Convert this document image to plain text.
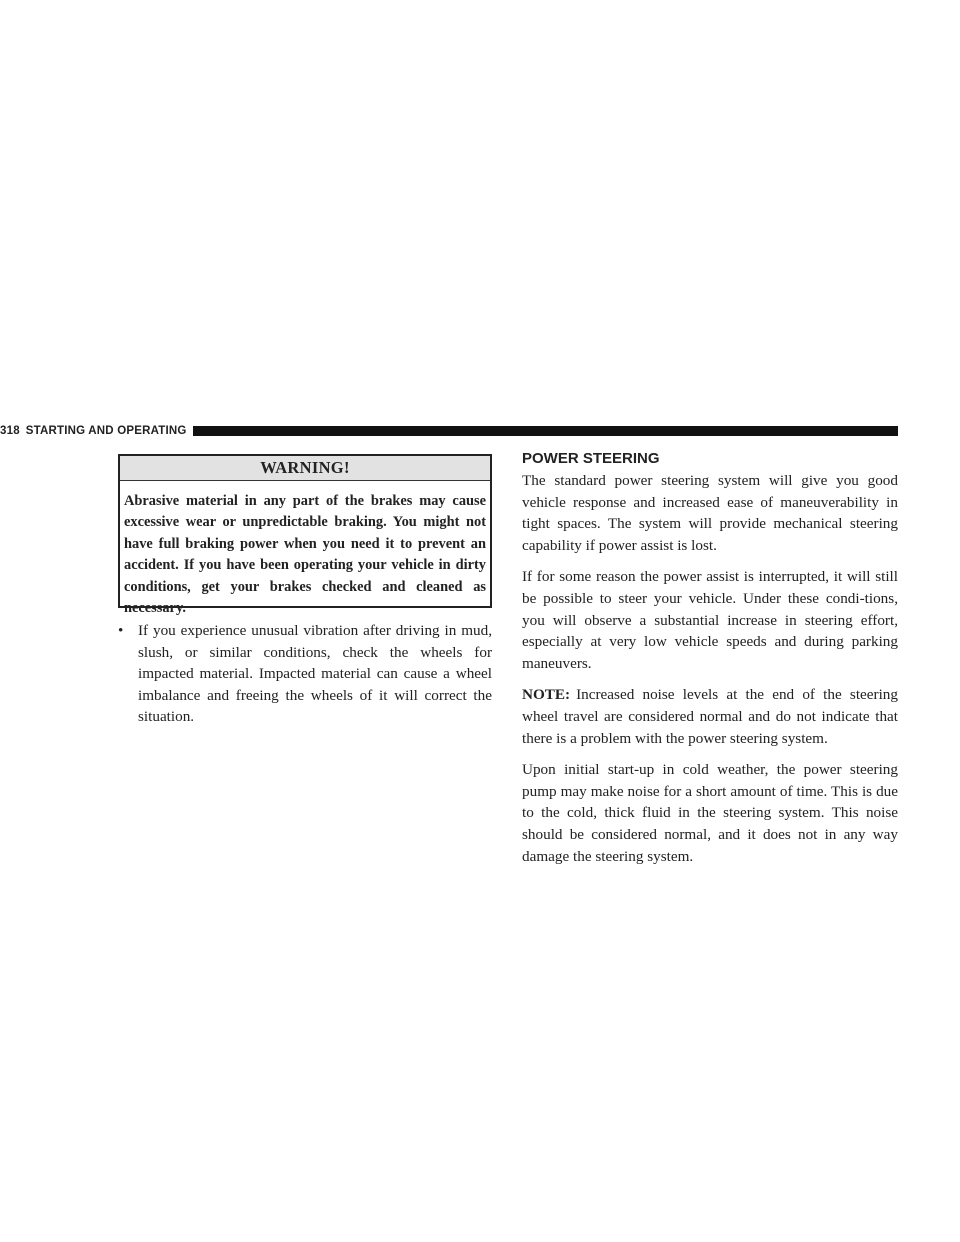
318 STARTING AND OPERATING
WARNING!
Abrasive material in any part of the brakes may cause excessive wear or unpredictable braking. You might not have full braking power when you need it to prevent an accident. If you have been operating your vehicle in dirty conditions, get your brakes checked and cleaned as necessary.
• If you experience unusual vibration after driving in mud, slush, or similar conditions, check the wheels for impacted material. Impacted material can cause a wheel imbalance and freeing the wheels of it will correct the situation.
POWER STEERING

The standard power steering system will give you good vehicle response and increased ease of maneuverability in tight spaces. The system will provide mechanical steering capability if power assist is lost.

If for some reason the power assist is interrupted, it will still be possible to steer your vehicle. Under these condi-tions, you will observe a substantial increase in steering effort, especially at very low vehicle speeds and during parking maneuvers.

NOTE: Increased noise levels at the end of the steering wheel travel are considered normal and do not indicate that there is a problem with the power steering system.

Upon initial start-up in cold weather, the power steering pump may make noise for a short amount of time. This is due to the cold, thick fluid in the steering system. This noise should be considered normal, and it does not in any way damage the steering system.
